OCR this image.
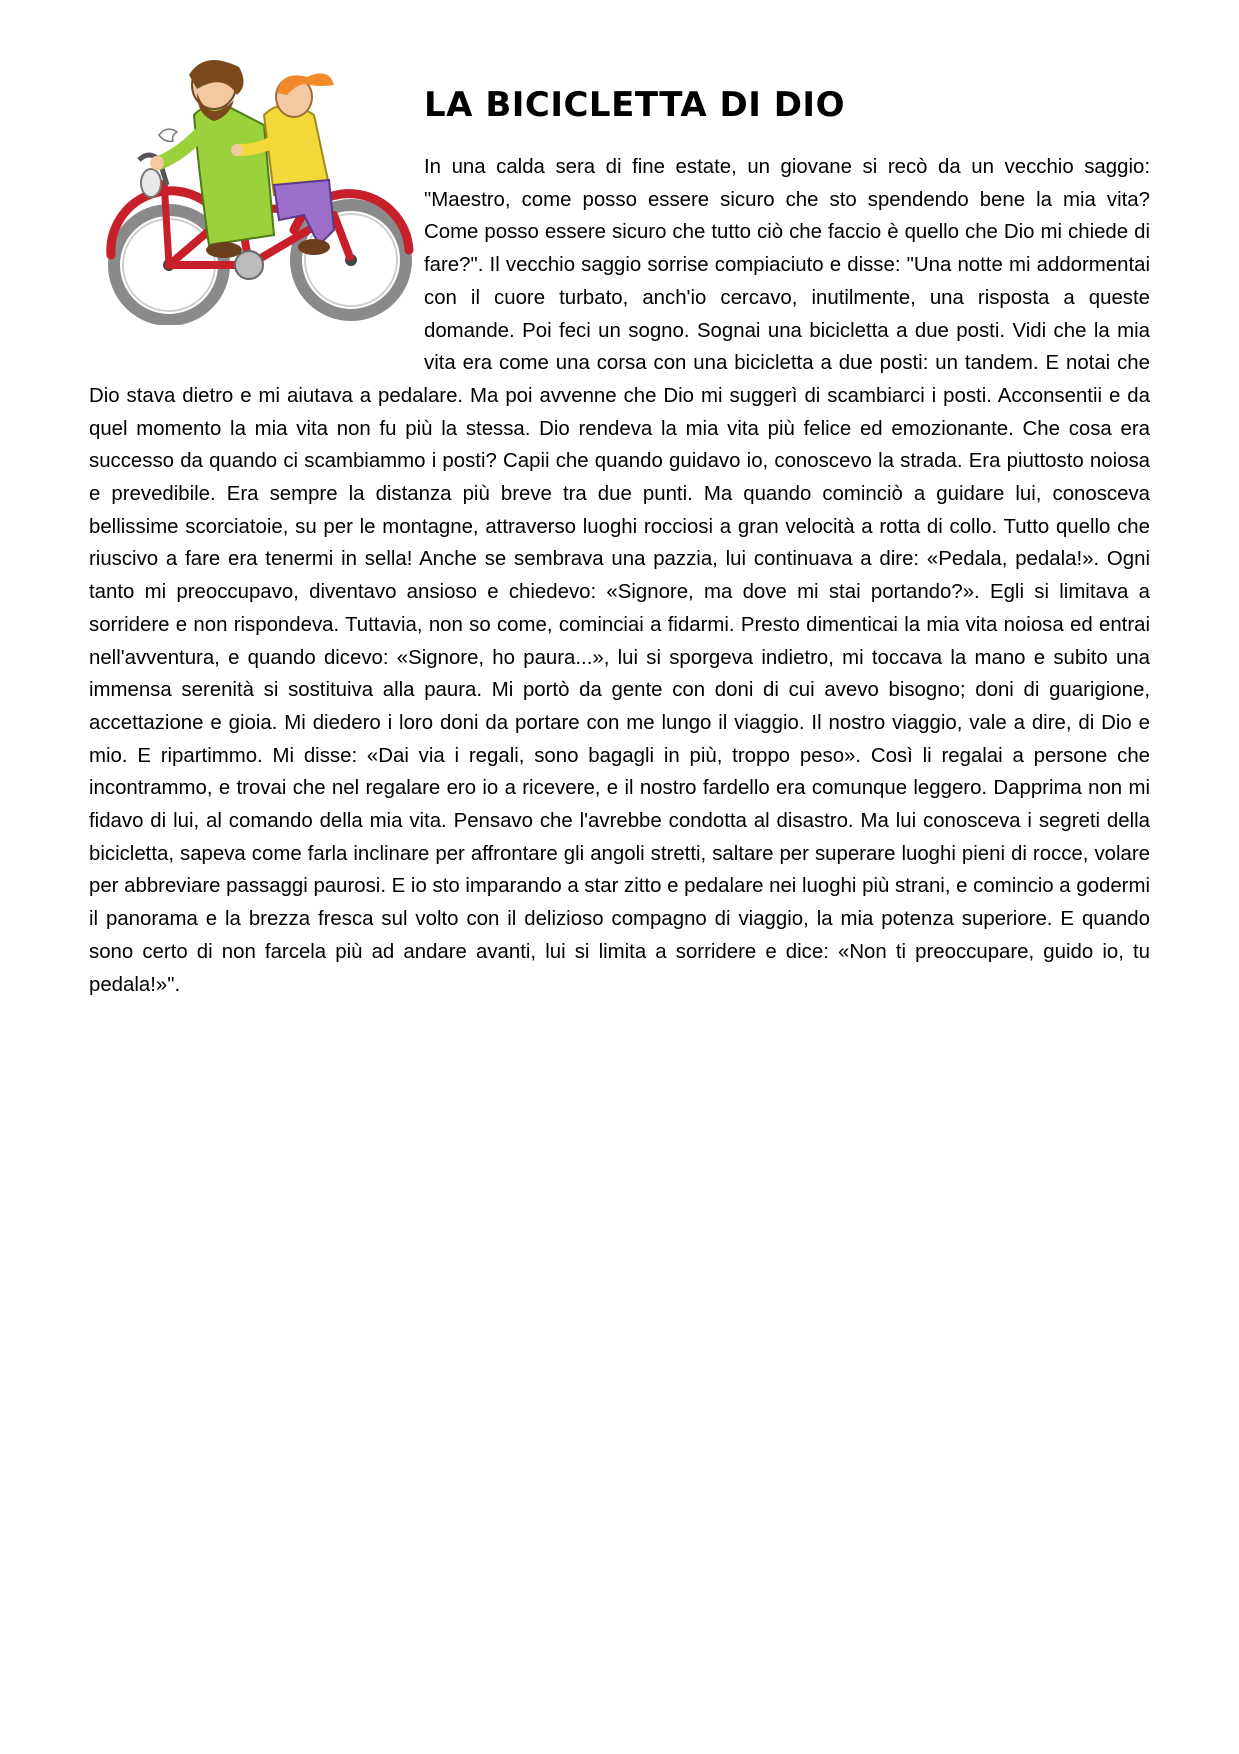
LA BICICLETTA DI DIO

In una calda sera di fine estate, un giovane si recò da un vecchio saggio: "Maestro, come posso essere sicuro che sto spendendo bene la mia vita? Come posso essere sicuro che tutto ciò che faccio è quello che Dio mi chiede di fare?". Il vecchio saggio sorrise compiaciuto e disse: "Una notte mi addormentai con il cuore turbato, anch'io cercavo, inutilmente, una risposta a queste domande. Poi feci un sogno. Sognai una bicicletta a due posti. Vidi che la mia vita era come una corsa con una bicicletta a due posti: un tandem. E notai che Dio stava dietro e mi aiutava a pedalare. Ma poi avvenne che Dio mi suggerì di scambiarci i posti. Acconsentii e da quel momento la mia vita non fu più la stessa. Dio rendeva la mia vita più felice ed emozionante. Che cosa era successo da quando ci scambiammo i posti? Capii che quando guidavo io, conoscevo la strada. Era piuttosto noiosa e prevedibile. Era sempre la distanza più breve tra due punti. Ma quando cominciò a guidare lui, conosceva bellissime scorciatoie, su per le montagne, attraverso luoghi rocciosi a gran velocità a rotta di collo. Tutto quello che riuscivo a fare era tenermi in sella! Anche se sembrava una pazzia, lui continuava a dire: «Pedala, pedala!». Ogni tanto mi preoccupavo, diventavo ansioso e chiedevo: «Signore, ma dove mi stai portando?». Egli si limitava a sorridere e non rispondeva. Tuttavia, non so come, cominciai a fidarmi. Presto dimenticai la mia vita noiosa ed entrai nell'avventura, e quando dicevo: «Signore, ho paura...», lui si sporgeva indietro, mi toccava la mano e subito una immensa serenità si sostituiva alla paura. Mi portò da gente con doni di cui avevo bisogno; doni di guarigione, accettazione e gioia. Mi diedero i loro doni da portare con me lungo il viaggio. Il nostro viaggio, vale a dire, di Dio e mio. E ripartimmo. Mi disse: «Dai via i regali, sono bagagli in più, troppo peso». Così li regalai a persone che incontrammo, e trovai che nel regalare ero io a ricevere, e il nostro fardello era comunque leggero. Dapprima non mi fidavo di lui, al comando della mia vita. Pensavo che l'avrebbe condotta al disastro. Ma lui conosceva i segreti della bicicletta, sapeva come farla inclinare per affrontare gli angoli stretti, saltare per superare luoghi pieni di rocce, volare per abbreviare passaggi paurosi. E io sto imparando a star zitto e pedalare nei luoghi più strani, e comincio a godermi il panorama e la brezza fresca sul volto con il delizioso compagno di viaggio, la mia potenza superiore. E quando sono certo di non farcela più ad andare avanti, lui si limita a sorridere e dice: «Non ti preoccupare, guido io, tu pedala!»".
